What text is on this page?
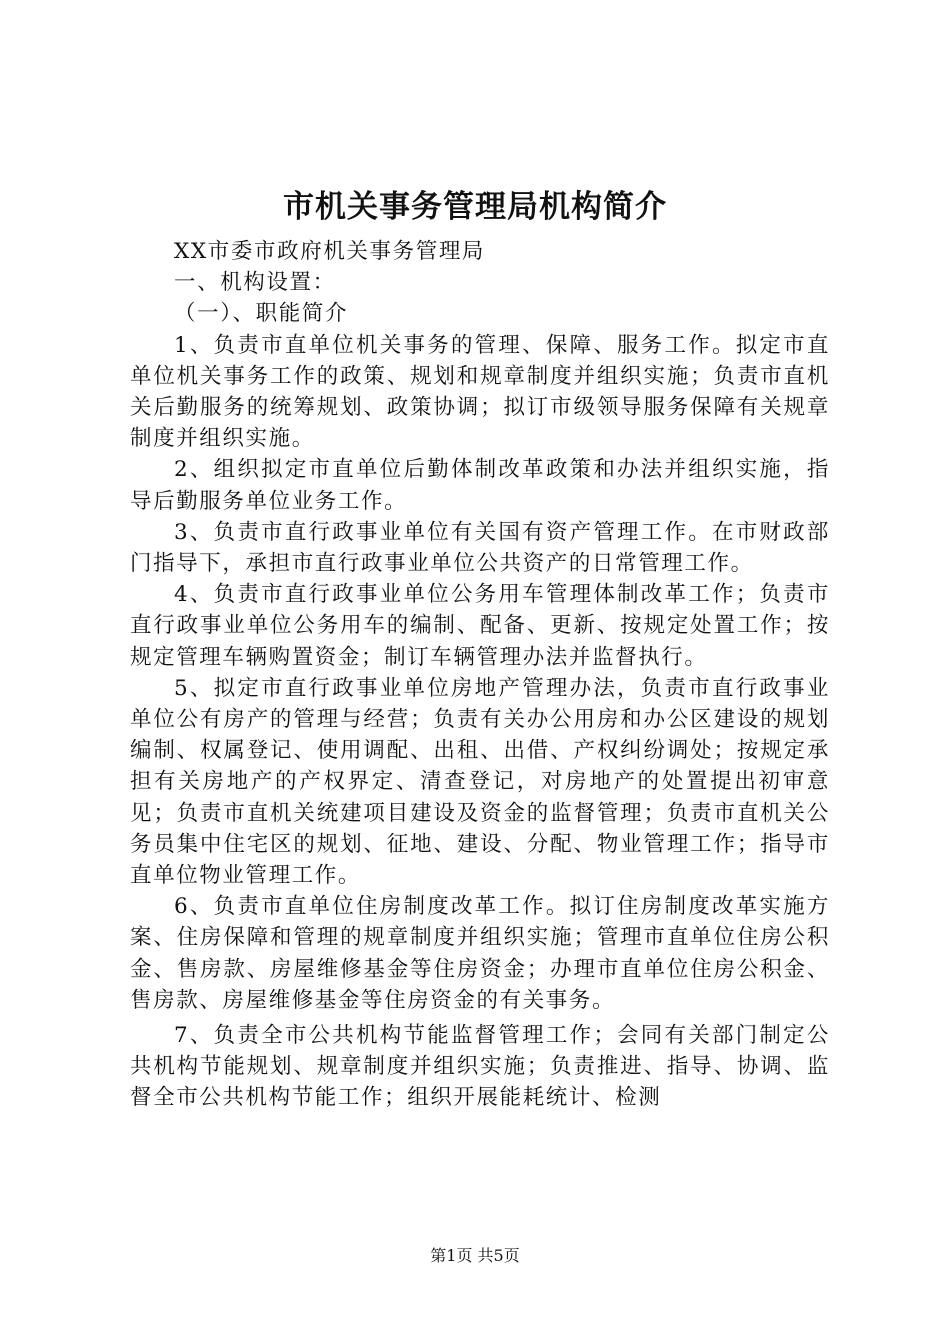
市机关事务管理局机构简介

XX市委市政府机关事务管理局

一、机构设置：

（一）、职能简介

1、负责市直单位机关事务的管理、保障、服务工作。拟定市直单位机关事务工作的政策、规划和规章制度并组织实施；负责市直机关后勤服务的统筹规划、政策协调；拟订市级领导服务保障有关规章制度并组织实施。

2、组织拟定市直单位后勤体制改革政策和办法并组织实施，指导后勤服务单位业务工作。

3、负责市直行政事业单位有关国有资产管理工作。在市财政部门指导下，承担市直行政事业单位公共资产的日常管理工作。

4、负责市直行政事业单位公务用车管理体制改革工作；负责市直行政事业单位公务用车的编制、配备、更新、按规定处置工作；按规定管理车辆购置资金；制订车辆管理办法并监督执行。

5、拟定市直行政事业单位房地产管理办法，负责市直行政事业单位公有房产的管理与经营；负责有关办公用房和办公区建设的规划编制、权属登记、使用调配、出租、出借、产权纠纷调处；按规定承担有关房地产的产权界定、清查登记，对房地产的处置提出初审意见；负责市直机关统建项目建设及资金的监督管理；负责市直机关公务员集中住宅区的规划、征地、建设、分配、物业管理工作；指导市直单位物业管理工作。

6、负责市直单位住房制度改革工作。拟订住房制度改革实施方案、住房保障和管理的规章制度并组织实施；管理市直单位住房公积金、售房款、房屋维修基金等住房资金；办理市直单位住房公积金、售房款、房屋维修基金等住房资金的有关事务。

7、负责全市公共机构节能监督管理工作；会同有关部门制定公共机构节能规划、规章制度并组织实施；负责推进、指导、协调、监督全市公共机构节能工作；组织开展能耗统计、检测

第1页 共5页
